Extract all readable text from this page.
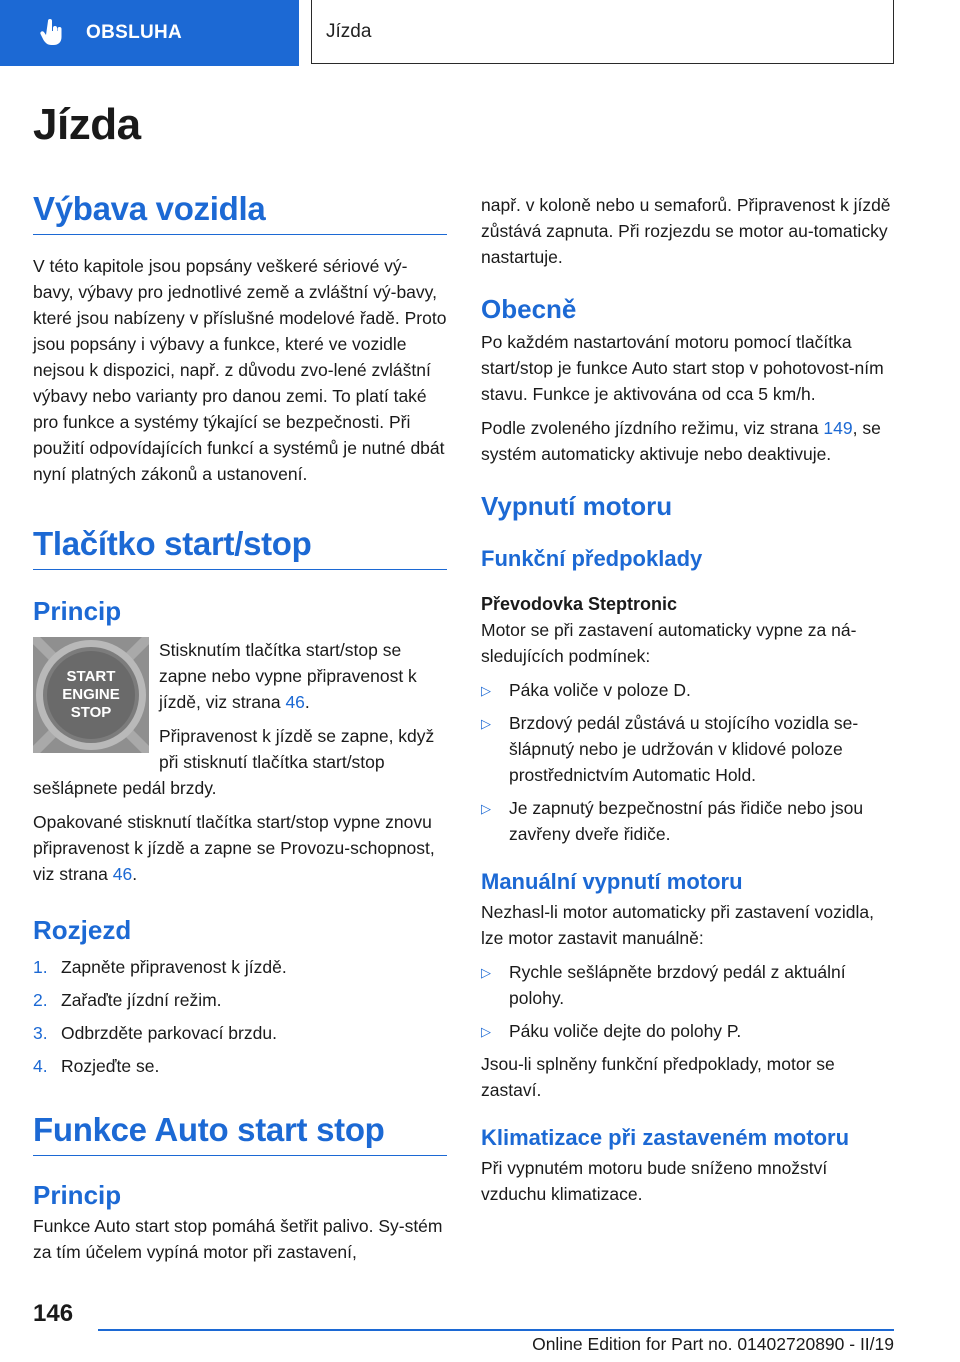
OBSLUHA	Jízda
Jízda
Výbava vozidla

V této kapitole jsou popsány veškeré sériové vý-bavy, výbavy pro jednotlivé země a zvláštní vý-bavy, které jsou nabízeny v příslušné modelové řadě. Proto jsou popsány i výbavy a funkce, které ve vozidle nejsou k dispozici, např. z důvodu zvo-lené zvláštní výbavy nebo varianty pro danou zemi. To platí také pro funkce a systémy týkající se bezpečnosti. Při použití odpovídajících funkcí a systémů je nutné dbát nyní platných zákonů a ustanovení.

Tlačítko start/stop
Princip
START
ENGINE
STOP

Stisknutím tlačítka start/stop se zapne nebo vypne připravenost k jízdě, viz strana 46.

Připravenost k jízdě se zapne, když při stisknutí tlačítka start/stop sešlápnete pedál brzdy.

Opakované stisknutí tlačítka start/stop vypne znovu připravenost k jízdě a zapne se Provozu-schopnost, viz strana 46.

Rozjezd
1. Zapněte připravenost k jízdě.
2. Zařaďte jízdní režim.
3. Odbrzděte parkovací brzdu.
4. Rozjeďte se.
Funkce Auto start stop
Princip

Funkce Auto start stop pomáhá šetřit palivo. Sy-stém za tím účelem vypíná motor při zastavení,

např. v koloně nebo u semaforů. Připravenost k jízdě zůstává zapnuta. Při rozjezdu se motor au-tomaticky nastartuje.

Obecně

Po každém nastartování motoru pomocí tlačítka start/stop je funkce Auto start stop v pohotovost-ním stavu. Funkce je aktivována od cca 5 km/h.

Podle zvoleného jízdního režimu, viz strana 149, se systém automaticky aktivuje nebo deaktivuje.

Vypnutí motoru
Funkční předpoklady
Převodovka Steptronic

Motor se při zastavení automaticky vypne za ná-sledujících podmínek:

▷ Páka voliče v poloze D.
▷ Brzdový pedál zůstává u stojícího vozidla se-šlápnutý nebo je udržován v klidové poloze prostřednictvím Automatic Hold.
▷ Je zapnutý bezpečnostní pás řidiče nebo jsou zavřeny dveře řidiče.
Manuální vypnutí motoru

Nezhasl-li motor automaticky při zastavení vozidla, lze motor zastavit manuálně:

▷ Rychle sešlápněte brzdový pedál z aktuální polohy.
▷ Páku voliče dejte do polohy P.

Jsou-li splněny funkční předpoklady, motor se zastaví.

Klimatizace při zastaveném motoru

Při vypnutém motoru bude sníženo množství vzduchu klimatizace.

146
Online Edition for Part no. 01402720890 - II/19
